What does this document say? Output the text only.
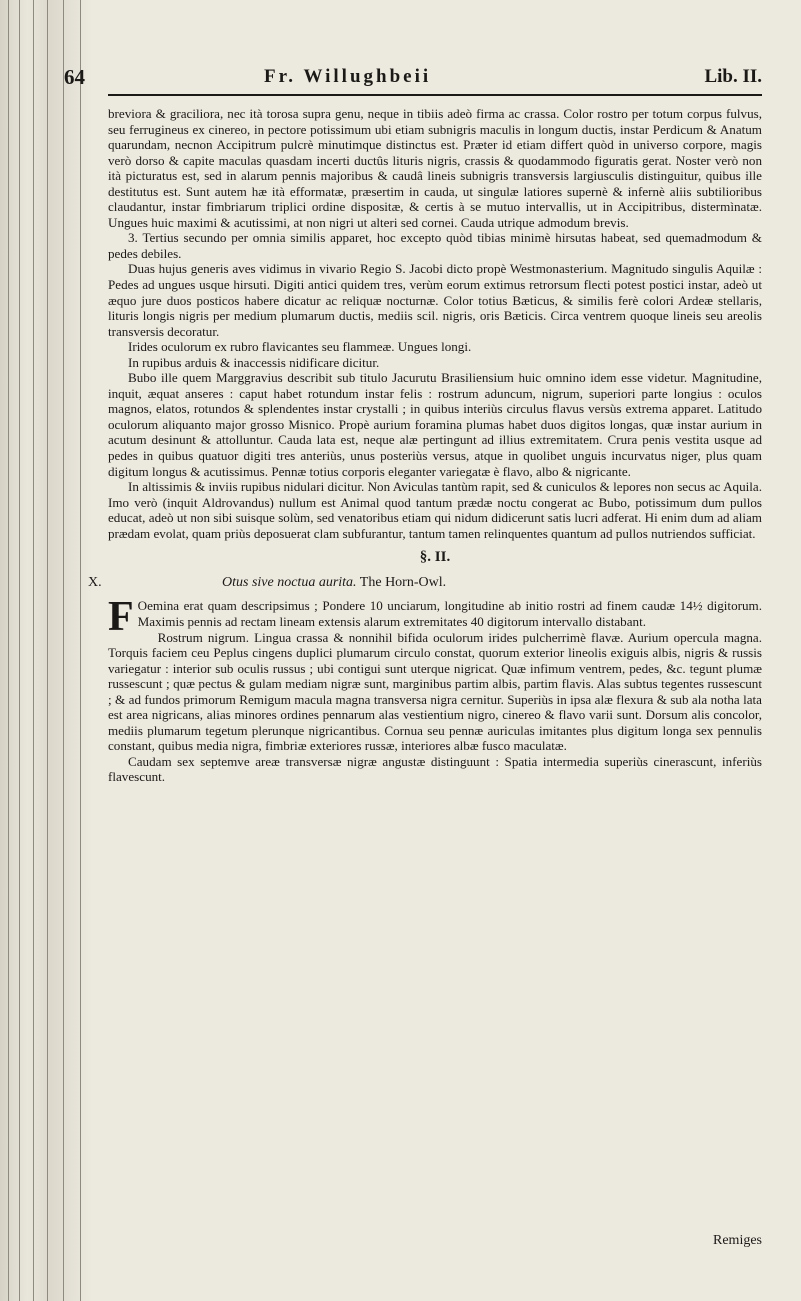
64	Fr. Willughbeii	Lib. II.

breviora & graciliora, nec ità torosa supra genu, neque in tibiis adeò firma ac crassa. Color rostro per totum corpus fulvus, seu ferrugineus ex cinereo, in pectore potissimum ubi etiam subnigris maculis in longum ductis, instar Perdicum & Anatum quarundam, necnon Accipitrum pulcrè minutimque distinctus est. Præter id etiam differt quòd in universo corpore, magis verò dorso & capite maculas quasdam incerti ductûs lituris nigris, crassis & quodammodo figuratis gerat. Noster verò non ità picturatus est, sed in alarum pennis majoribus & caudâ lineis subnigris transversis largiusculis distinguitur, quibus ille destitutus est. Sunt autem hæ ità efformatæ, præsertim in cauda, ut singulæ latiores supernè & infernè aliis subtilioribus claudantur, instar fimbriarum triplici ordine dispositæ, & certis à se mutuo intervallis, ut in Accipitribus, distermìnatæ. Ungues huic maximi & acutissimi, at non nigri ut alteri sed cornei. Cauda utrique admodum brevis.

3. Tertius secundo per omnia similis apparet, hoc excepto quòd tibias minimè hirsutas habeat, sed quemadmodum & pedes debiles.

Duas hujus generis aves vidimus in vivario Regio S. Jacobi dicto propè Westmonasterium. Magnitudo singulis Aquilæ : Pedes ad ungues usque hirsuti. Digiti antici quidem tres, verùm eorum extimus retrorsum flecti potest postici instar, adeò ut æquo jure duos posticos habere dicatur ac reliquæ nocturnæ. Color totius Bæticus, & similis ferè colori Ardeæ stellaris, lituris longis nigris per medium plumarum ductis, mediis scil. nigris, oris Bæticis. Circa ventrem quoque lineis seu areolis transversis decoratur.

Irides oculorum ex rubro flavicantes seu flammeæ. Ungues longi.

In rupibus arduis & inaccessis nidificare dicitur.

Bubo ille quem Marggravius describit sub titulo Jacurutu Brasiliensium huic omnino idem esse videtur. Magnitudine, inquit, æquat anseres : caput habet rotundum instar felis : rostrum aduncum, nigrum, superiori parte longius : oculos magnos, elatos, rotundos & splendentes instar crystalli ; in quibus interiùs circulus flavus versùs extrema apparet. Latitudo oculorum aliquanto major grosso Misnico. Propè aurium foramina plumas habet duos digitos longas, quæ instar aurium in acutum desinunt & attolluntur. Cauda lata est, neque alæ pertingunt ad illius extremitatem. Crura penis vestita usque ad pedes in quibus quatuor digiti tres anteriùs, unus posteriùs versus, atque in quolibet unguis incurvatus niger, plus quam digitum longus & acutissimus. Pennæ totius corporis eleganter variegatæ è flavo, albo & nigricante.

In altissimis & inviis rupibus nidulari dicitur. Non Aviculas tantùm rapit, sed & cuniculos & lepores non secus ac Aquila. Imo verò (inquit Aldrovandus) nullum est Animal quod tantum prædæ noctu congerat ac Bubo, potissimum dum pullos educat, adeò ut non sibi suisque solùm, sed venatoribus etiam qui nidum didicerunt satis lucri adferat. Hi enim dum ad aliam prædam evolat, quam priùs deposuerat clam subfurantur, tantum tamen relinquentes quantum ad pullos nutriendos sufficiat.

§. II.
X.	Otus sive noctua aurita. The Horn-Owl.

F Oemina erat quam descripsimus ; Pondere 10 unciarum, longitudine ab initio rostri ad finem caudæ 14½ digitorum. Maximis pennis ad rectam lineam extensis alarum extremitates 40 digitorum intervallo distabant.

Rostrum nigrum. Lingua crassa & nonnihil bifida oculorum irides pulcherrimè flavæ. Aurium opercula magna. Torquis faciem ceu Peplus cingens duplici plumarum circulo constat, quorum exterior lineolis exiguis albis, nigris & russis variegatur : interior sub oculis russus ; ubi contigui sunt uterque nigricat. Quæ infimum ventrem, pedes, &c. tegunt plumæ russescunt ; quæ pectus & gulam mediam nigræ sunt, marginibus partim albis, partim flavis. Alas subtus tegentes russescunt ; & ad fundos primorum Remigum macula magna transversa nigra cernitur. Superiùs in ipsa alæ flexura & sub ala notha lata est area nigricans, alias minores ordines pennarum alas vestientium nigro, cinereo & flavo varii sunt. Dorsum alis concolor, mediis plumarum tegetum plerunque nigricantibus. Cornua seu pennæ auriculas imitantes plus digitum longa sex pennulis constant, quibus media nigra, fimbriæ exteriores russæ, interiores albæ fusco maculatæ.

Caudam sex septemve areæ transversæ nigræ angustæ distinguunt : Spatia intermedia superiùs cinerascunt, inferiùs flavescunt.

Remiges
